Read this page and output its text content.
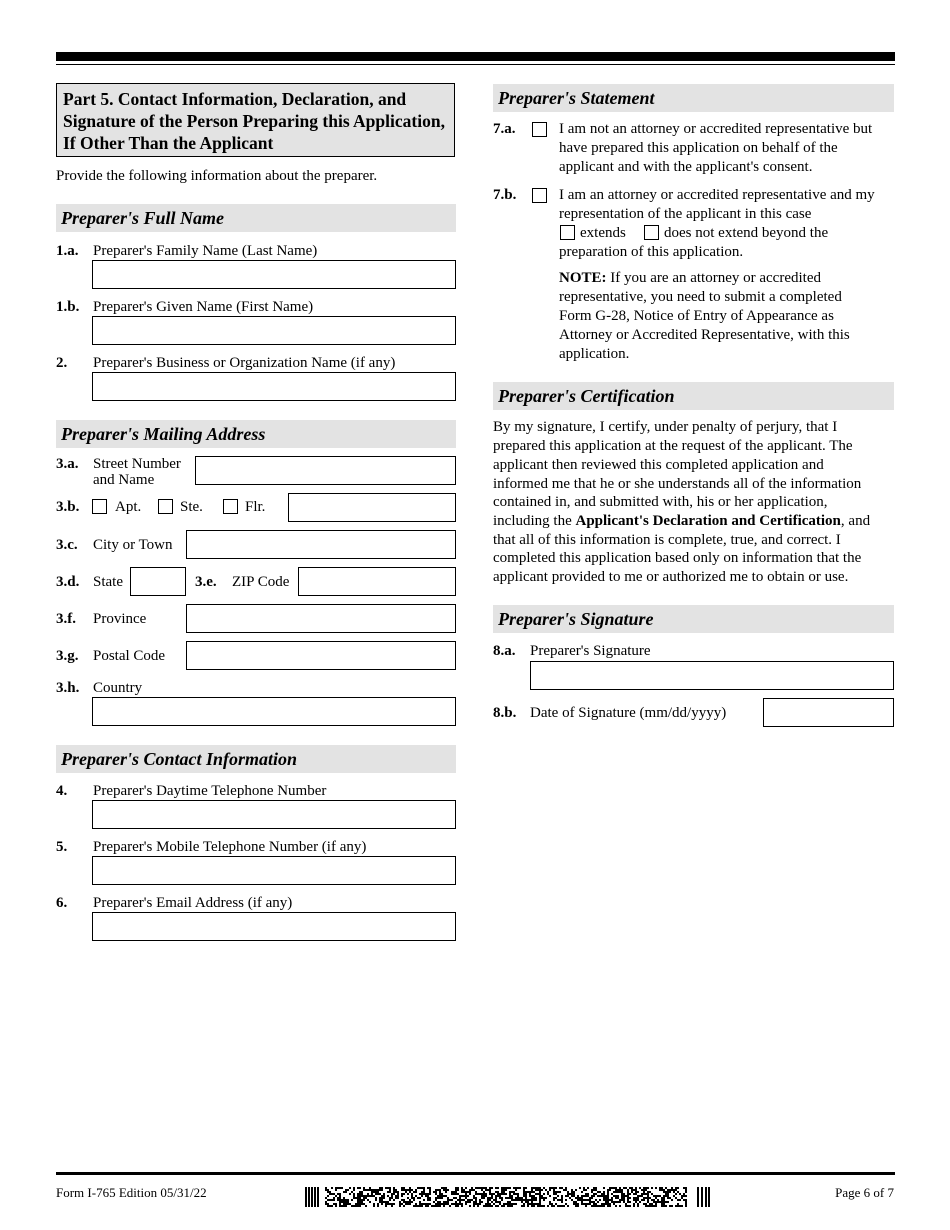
Part 5. Contact Information, Declaration, and Signature of the Person Preparing this Application, If Other Than the Applicant
Provide the following information about the preparer.
Preparer's Full Name
1.a. Preparer's Family Name (Last Name)
1.b. Preparer's Given Name (First Name)
2. Preparer's Business or Organization Name (if any)
Preparer's Mailing Address
3.a. Street Number
and Name
3.b. Apt.	Ste.	Flr.
3.c. City or Town
3.d. State	3.e. ZIP Code
3.f. Province
3.g. Postal Code
3.h. Country
Preparer's Contact Information
4. Preparer's Daytime Telephone Number
5. Preparer's Mobile Telephone Number (if any)
6. Preparer's Email Address (if any)
Preparer's Statement
7.a.	I am not an attorney or accredited representative but
have prepared this application on behalf of the
applicant and with the applicant's consent.
7.b.	I am an attorney or accredited representative and my
representation of the applicant in this case
extends	does not extend beyond the
preparation of this application.
NOTE: If you are an attorney or accredited
representative, you need to submit a completed
Form G-28, Notice of Entry of Appearance as
Attorney or Accredited Representative, with this
application.
Preparer's Certification
By my signature, I certify, under penalty of perjury, that I
prepared this application at the request of the applicant. The
applicant then reviewed this completed application and
informed me that he or she understands all of the information
contained in, and submitted with, his or her application,
including the Applicant's Declaration and Certification, and
that all of this information is complete, true, and correct. I
completed this application based only on information that the
applicant provided to me or authorized me to obtain or use.
Preparer's Signature
8.a. Preparer's Signature
8.b. Date of Signature (mm/dd/yyyy)
Form I-765 Edition 05/31/22	Page 6 of 7
